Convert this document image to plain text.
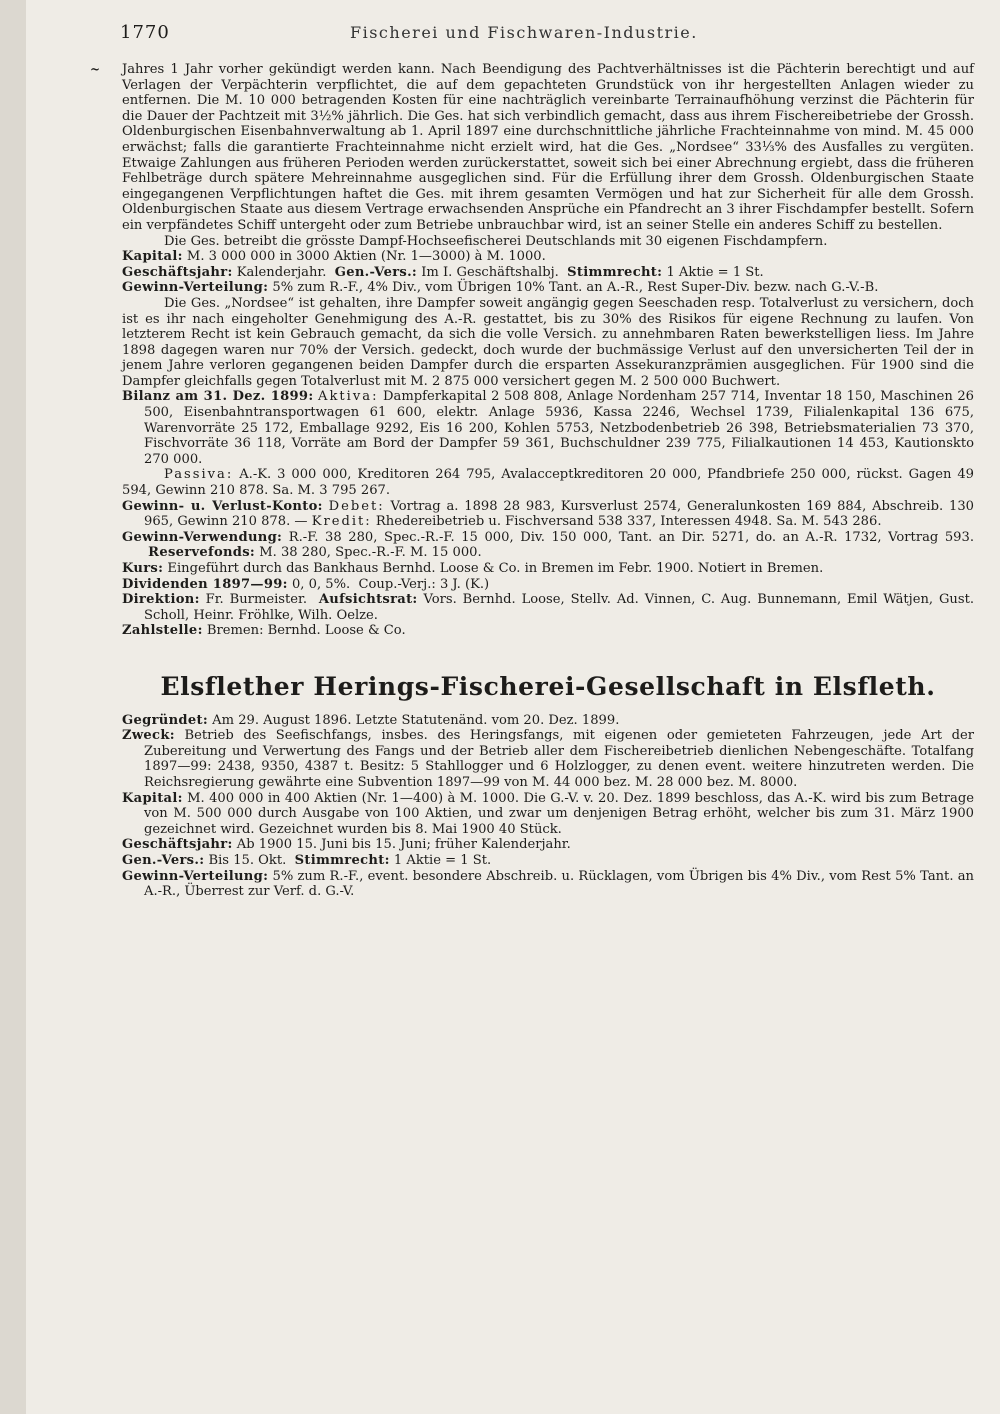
1770	Fischerei und Fischwaren-Industrie.

~ Jahres 1 Jahr vorher gekündigt werden kann. Nach Beendigung des Pachtverhältnisses ist die Pächterin berechtigt und auf Verlagen der Verpächterin verpflichtet, die auf dem gepachteten Grundstück von ihr hergestellten Anlagen wieder zu entfernen. Die M. 10 000 betragenden Kosten für eine nachträglich vereinbarte Terrainaufhöhung verzinst die Pächterin für die Dauer der Pachtzeit mit 3½% jährlich. Die Ges. hat sich verbindlich gemacht, dass aus ihrem Fischereibetriebe der Grossh. Oldenburgischen Eisenbahnverwaltung ab 1. April 1897 eine durchschnittliche jährliche Frachteinnahme von mind. M. 45 000 erwächst; falls die garantierte Frachteinnahme nicht erzielt wird, hat die Ges. „Nordsee“ 33⅓% des Ausfalles zu vergüten. Etwaige Zahlungen aus früheren Perioden werden zurückerstattet, soweit sich bei einer Abrechnung ergiebt, dass die früheren Fehlbeträge durch spätere Mehreinnahme ausgeglichen sind. Für die Erfüllung ihrer dem Grossh. Oldenburgischen Staate eingegangenen Verpflichtungen haftet die Ges. mit ihrem gesamten Vermögen und hat zur Sicherheit für alle dem Grossh. Oldenburgischen Staate aus diesem Vertrage erwachsenden Ansprüche ein Pfandrecht an 3 ihrer Fischdampfer bestellt. Sofern ein verpfändetes Schiff untergeht oder zum Betriebe unbrauchbar wird, ist an seiner Stelle ein anderes Schiff zu bestellen.

Die Ges. betreibt die grösste Dampf-Hochseefischerei Deutschlands mit 30 eigenen Fischdampfern.

Kapital: M. 3 000 000 in 3000 Aktien (Nr. 1—3000) à M. 1000.

Geschäftsjahr: Kalenderjahr. Gen.-Vers.: Im I. Geschäftshalbj. Stimmrecht: 1 Aktie = 1 St.

Gewinn-Verteilung: 5% zum R.-F., 4% Div., vom Übrigen 10% Tant. an A.-R., Rest Super-Div. bezw. nach G.-V.-B.

Die Ges. „Nordsee“ ist gehalten, ihre Dampfer soweit angängig gegen Seeschaden resp. Totalverlust zu versichern, doch ist es ihr nach eingeholter Genehmigung des A.-R. gestattet, bis zu 30% des Risikos für eigene Rechnung zu laufen. Von letzterem Recht ist kein Gebrauch gemacht, da sich die volle Versich. zu annehmbaren Raten bewerkstelligen liess. Im Jahre 1898 dagegen waren nur 70% der Versich. gedeckt, doch wurde der buchmässige Verlust auf den unversicherten Teil der in jenem Jahre verloren gegangenen beiden Dampfer durch die ersparten Assekuranzprämien ausgeglichen. Für 1900 sind die Dampfer gleichfalls gegen Totalverlust mit M. 2 875 000 versichert gegen M. 2 500 000 Buchwert.

Bilanz am 31. Dez. 1899: Aktiva: Dampferkapital 2 508 808, Anlage Nordenham 257 714, Inventar 18 150, Maschinen 26 500, Eisenbahntransportwagen 61 600, elektr. Anlage 5936, Kassa 2246, Wechsel 1739, Filialenkapital 136 675, Warenvorräte 25 172, Emballage 9292, Eis 16 200, Kohlen 5753, Netzbodenbetrieb 26 398, Betriebsmaterialien 73 370, Fischvorräte 36 118, Vorräte am Bord der Dampfer 59 361, Buchschuldner 239 775, Filialkautionen 14 453, Kautionskto 270 000.

Passiva: A.-K. 3 000 000, Kreditoren 264 795, Avalacceptkreditoren 20 000, Pfandbriefe 250 000, rückst. Gagen 49 594, Gewinn 210 878. Sa. M. 3 795 267.

Gewinn- u. Verlust-Konto: Debet: Vortrag a. 1898 28 983, Kursverlust 2574, Generalunkosten 169 884, Abschreib. 130 965, Gewinn 210 878. — Kredit: Rhedereibetrieb u. Fischversand 538 337, Interessen 4948. Sa. M. 543 286.

Gewinn-Verwendung: R.-F. 38 280, Spec.-R.-F. 15 000, Div. 150 000, Tant. an Dir. 5271, do. an A.-R. 1732, Vortrag 593.  Reservefonds: M. 38 280, Spec.-R.-F. M. 15 000.

Kurs: Eingeführt durch das Bankhaus Bernhd. Loose & Co. in Bremen im Febr. 1900. Notiert in Bremen.

Dividenden 1897—99: 0, 0, 5%. Coup.-Verj.: 3 J. (K.)

Direktion: Fr. Burmeister. Aufsichtsrat: Vors. Bernhd. Loose, Stellv. Ad. Vinnen, C. Aug. Bunnemann, Emil Wätjen, Gust. Scholl, Heinr. Fröhlke, Wilh. Oelze.

Zahlstelle: Bremen: Bernhd. Loose & Co.

Elsflether Herings-Fischerei-Gesellschaft in Elsfleth.

Gegründet: Am 29. August 1896. Letzte Statutenänd. vom 20. Dez. 1899.

Zweck: Betrieb des Seefischfangs, insbes. des Heringsfangs, mit eigenen oder gemieteten Fahrzeugen, jede Art der Zubereitung und Verwertung des Fangs und der Betrieb aller dem Fischereibetrieb dienlichen Nebengeschäfte. Totalfang 1897—99: 2438, 9350, 4387 t. Besitz: 5 Stahllogger und 6 Holzlogger, zu denen event. weitere hinzutreten werden. Die Reichsregierung gewährte eine Subvention 1897—99 von M. 44 000 bez. M. 28 000 bez. M. 8000.

Kapital: M. 400 000 in 400 Aktien (Nr. 1—400) à M. 1000. Die G.-V. v. 20. Dez. 1899 beschloss, das A.-K. wird bis zum Betrage von M. 500 000 durch Ausgabe von 100 Aktien, und zwar um denjenigen Betrag erhöht, welcher bis zum 31. März 1900 gezeichnet wird. Gezeichnet wurden bis 8. Mai 1900 40 Stück.

Geschäftsjahr: Ab 1900 15. Juni bis 15. Juni; früher Kalenderjahr.

Gen.-Vers.: Bis 15. Okt. Stimmrecht: 1 Aktie = 1 St.

Gewinn-Verteilung: 5% zum R.-F., event. besondere Abschreib. u. Rücklagen, vom Übrigen bis 4% Div., vom Rest 5% Tant. an A.-R., Überrest zur Verf. d. G.-V.
